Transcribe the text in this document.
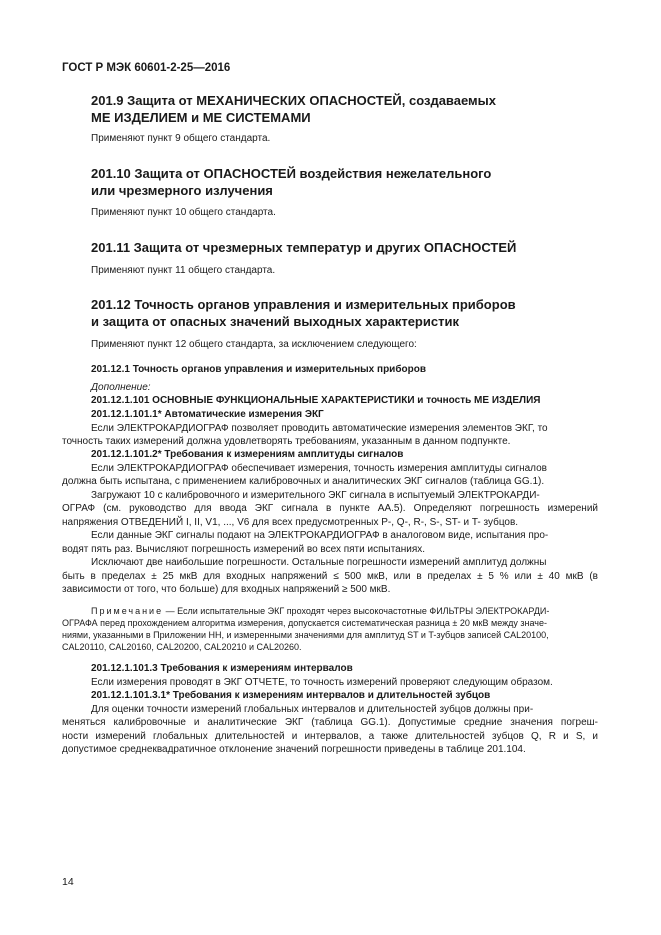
ГОСТ Р МЭК 60601-2-25—2016
201.9 Защита от МЕХАНИЧЕСКИХ ОПАСНОСТЕЙ, создаваемых
МЕ ИЗДЕЛИЕМ и МЕ СИСТЕМАМИ
Применяют пункт 9 общего стандарта.
201.10 Защита от ОПАСНОСТЕЙ воздействия нежелательного
или чрезмерного излучения
Применяют пункт 10 общего стандарта.
201.11 Защита от чрезмерных температур и других ОПАСНОСТЕЙ
Применяют пункт 11 общего стандарта.
201.12 Точность органов управления и измерительных приборов
и защита от опасных значений выходных характеристик
Применяют пункт 12 общего стандарта, за исключением следующего:
201.12.1 Точность органов управления и измерительных приборов
Дополнение:
201.12.1.101 ОСНОВНЫЕ ФУНКЦИОНАЛЬНЫЕ ХАРАКТЕРИСТИКИ и точность МЕ ИЗДЕЛИЯ
201.12.1.101.1* Автоматические измерения ЭКГ
Если ЭЛЕКТРОКАРДИОГРАФ позволяет проводить автоматические измерения элементов ЭКГ, то
точность таких измерений должна удовлетворять требованиям, указанным в данном подпункте.
201.12.1.101.2* Требования к измерениям амплитуды сигналов
Если ЭЛЕКТРОКАРДИОГРАФ обеспечивает измерения, точность измерения амплитуды сигналов
должна быть испытана, с применением калибровочных и аналитических ЭКГ сигналов (таблица GG.1).
Загружают 10 с калибровочного и измерительного ЭКГ сигнала в испытуемый ЭЛЕКТРОКАРДИ-
ОГРАФ (см. руководство для ввода ЭКГ сигнала в пункте АА.5). Определяют погрешность измерений
напряжения ОТВЕДЕНИЙ I, II, V1, ..., V6 для всех предусмотренных P-, Q-, R-, S-, ST- и T- зубцов.
Если данные ЭКГ сигналы подают на ЭЛЕКТРОКАРДИОГРАФ в аналоговом виде, испытания про-
водят пять раз. Вычисляют погрешность измерений во всех пяти испытаниях.
Исключают две наибольшие погрешности. Остальные погрешности измерений амплитуд должны
быть в пределах ± 25 мкВ для входных напряжений ≤ 500 мкВ, или в пределах ± 5 % или ± 40 мкВ (в
зависимости от того, что больше) для входных напряжений ≥ 500 мкВ.
Примечание — Если испытательные ЭКГ проходят через высокочастотные ФИЛЬТРЫ ЭЛЕКТРОКАРДИ-
ОГРАФА перед прохождением алгоритма измерения, допускается систематическая разница ± 20 мкВ между значе-
ниями, указанными в Приложении НН, и измеренными значениями для амплитуд ST и T-зубцов записей CAL20100,
CAL20110, CAL20160, CAL20200, CAL20210 и CAL20260.
201.12.1.101.3 Требования к измерениям интервалов
Если измерения проводят в ЭКГ ОТЧЕТЕ, то точность измерений проверяют следующим образом.
201.12.1.101.3.1* Требования к измерениям интервалов и длительностей зубцов
Для оценки точности измерений глобальных интервалов и длительностей зубцов должны при-
меняться калибровочные и аналитические ЭКГ (таблица GG.1). Допустимые средние значения погреш-
ности измерений глобальных длительностей и интервалов, а также длительностей зубцов Q, R и S, и
допустимое среднеквадратичное отклонение значений погрешности приведены в таблице 201.104.
14
